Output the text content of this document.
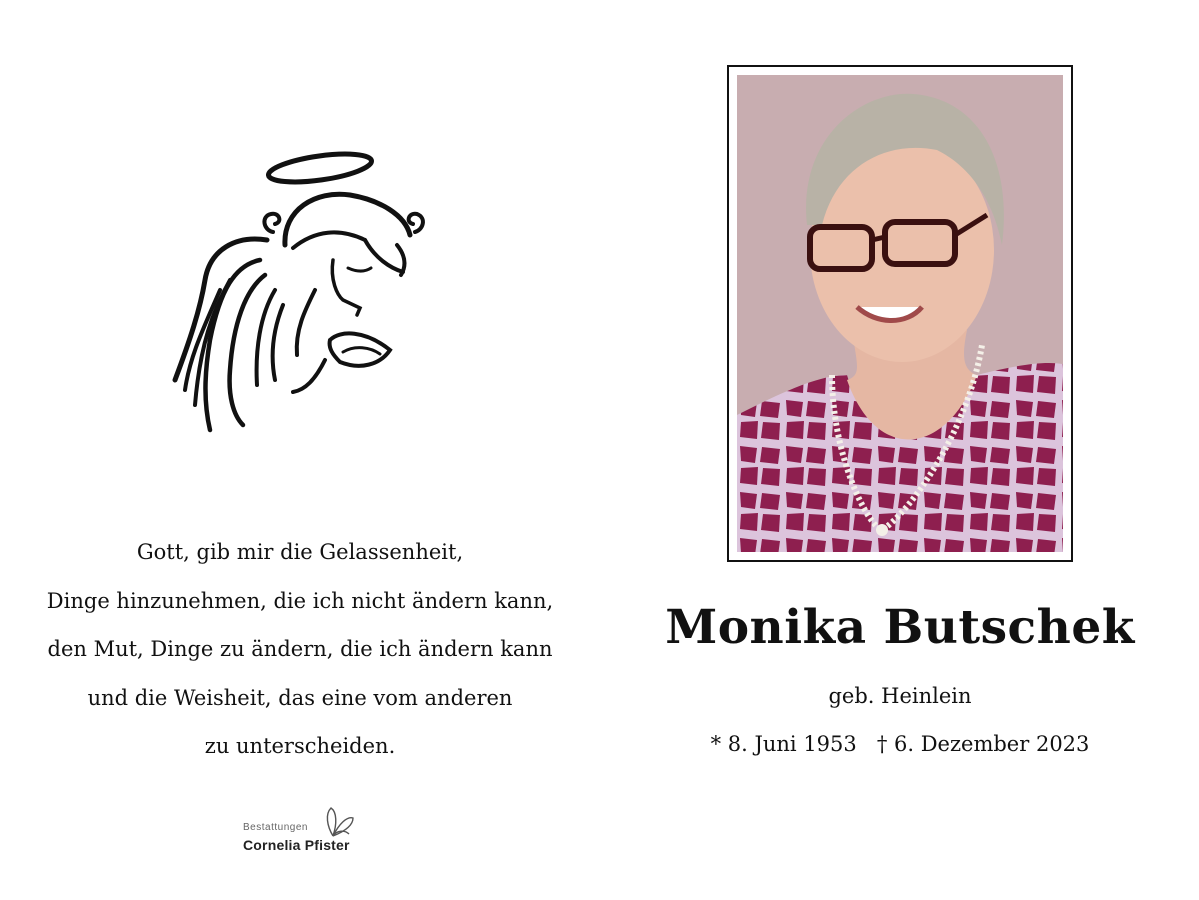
Gott, gib mir die Gelassenheit,
Dinge hinzunehmen, die ich nicht ändern kann,
den Mut, Dinge zu ändern, die ich ändern kann
und die Weisheit, das eine vom anderen
zu unterscheiden.
Bestattungen
Cornelia Pfister
Monika Butschek
geb. Heinlein
* 8. Juni 1953 † 6. Dezember 2023
